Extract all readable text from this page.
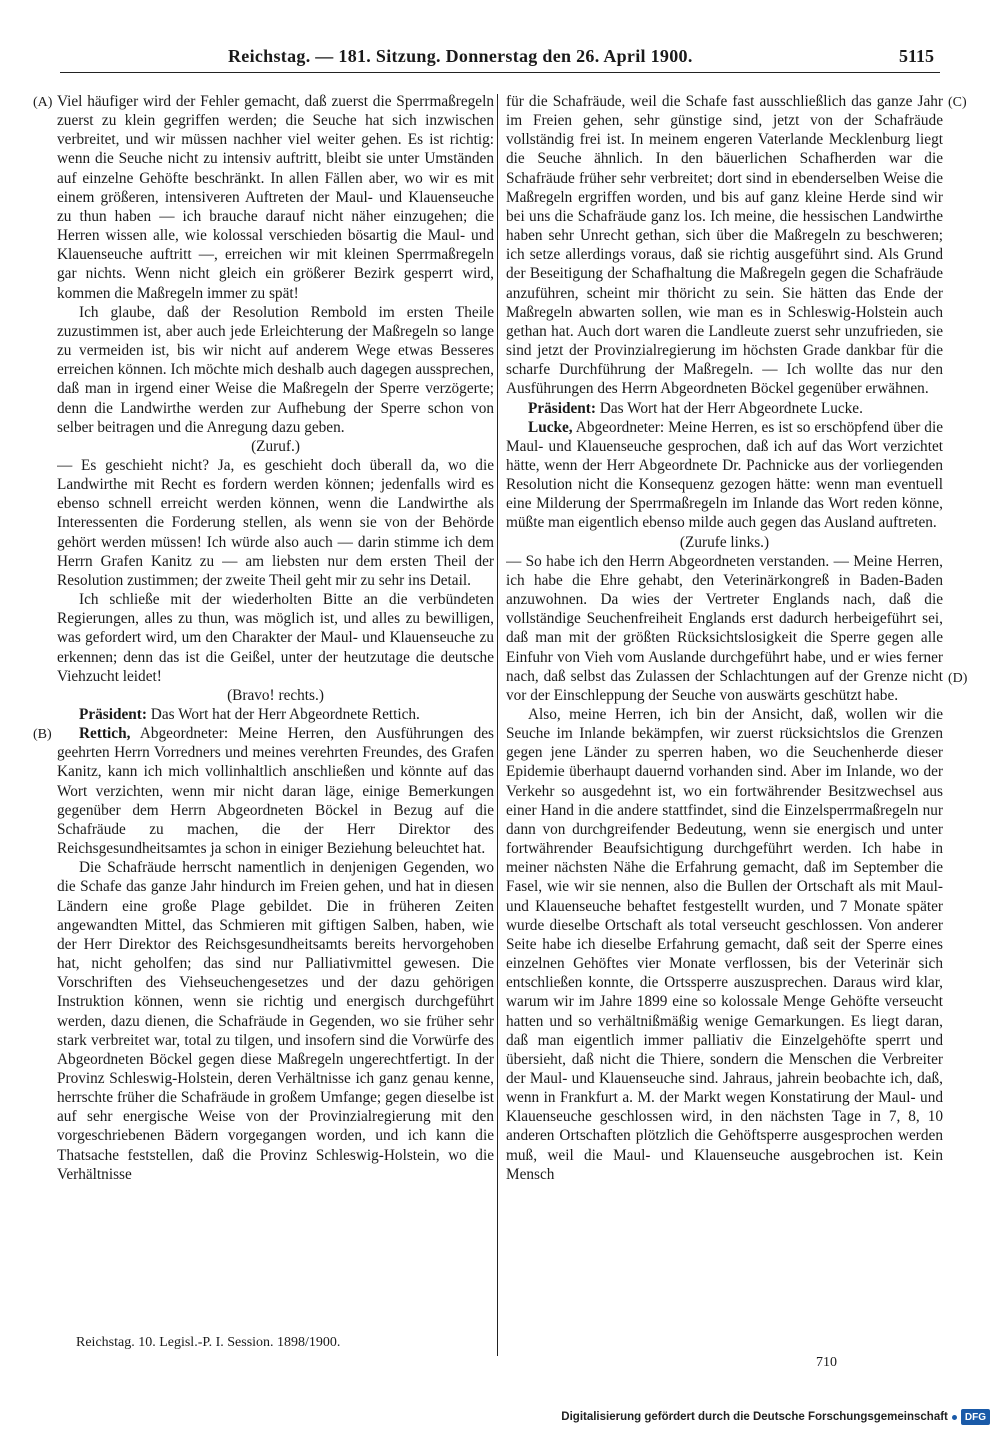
Reichstag. — 181. Sitzung. Donnerstag den 26. April 1900.	5115
(A)
(B)
(C)
(D)

Viel häufiger wird der Fehler gemacht, daß zuerst die Sperrmaßregeln zuerst zu klein gegriffen werden; die Seuche hat sich inzwischen verbreitet, und wir müssen nachher viel weiter gehen. Es ist richtig: wenn die Seuche nicht zu intensiv auftritt, bleibt sie unter Umständen auf einzelne Gehöfte beschränkt. In allen Fällen aber, wo wir es mit einem größeren, intensiveren Auftreten der Maul- und Klauenseuche zu thun haben — ich brauche darauf nicht näher einzugehen; die Herren wissen alle, wie kolossal verschieden bösartig die Maul- und Klauenseuche auftritt —, erreichen wir mit kleinen Sperrmaßregeln gar nichts. Wenn nicht gleich ein größerer Bezirk gesperrt wird, kommen die Maßregeln immer zu spät!

Ich glaube, daß der Resolution Rembold im ersten Theile zuzustimmen ist, aber auch jede Erleichterung der Maßregeln so lange zu vermeiden ist, bis wir nicht auf anderem Wege etwas Besseres erreichen können. Ich möchte mich deshalb auch dagegen aussprechen, daß man in irgend einer Weise die Maßregeln der Sperre verzögerte; denn die Landwirthe werden zur Aufhebung der Sperre schon von selber beitragen und die Anregung dazu geben.

(Zuruf.)

— Es geschieht nicht? Ja, es geschieht doch überall da, wo die Landwirthe mit Recht es fordern werden können; jedenfalls wird es ebenso schnell erreicht werden können, wenn die Landwirthe als Interessenten die Forderung stellen, als wenn sie von der Behörde gehört werden müssen! Ich würde also auch — darin stimme ich dem Herrn Grafen Kanitz zu — am liebsten nur dem ersten Theil der Resolution zustimmen; der zweite Theil geht mir zu sehr ins Detail.

Ich schließe mit der wiederholten Bitte an die verbündeten Regierungen, alles zu thun, was möglich ist, und alles zu bewilligen, was gefordert wird, um den Charakter der Maul- und Klauenseuche zu erkennen; denn das ist die Geißel, unter der heutzutage die deutsche Viehzucht leidet!

(Bravo! rechts.)

Präsident: Das Wort hat der Herr Abgeordnete Rettich.

Rettich, Abgeordneter: Meine Herren, den Ausführungen des geehrten Herrn Vorredners und meines verehrten Freundes, des Grafen Kanitz, kann ich mich vollinhaltlich anschließen und könnte auf das Wort verzichten, wenn mir nicht daran läge, einige Bemerkungen gegenüber dem Herrn Abgeordneten Böckel in Bezug auf die Schafräude zu machen, die der Herr Direktor des Reichsgesundheitsamtes ja schon in einiger Beziehung beleuchtet hat.

Die Schafräude herrscht namentlich in denjenigen Gegenden, wo die Schafe das ganze Jahr hindurch im Freien gehen, und hat in diesen Ländern eine große Plage gebildet. Die in früheren Zeiten angewandten Mittel, das Schmieren mit giftigen Salben, haben, wie der Herr Direktor des Reichsgesundheitsamts bereits hervorgehoben hat, nicht geholfen; das sind nur Palliativmittel gewesen. Die Vorschriften des Viehseuchengesetzes und der dazu gehörigen Instruktion können, wenn sie richtig und energisch durchgeführt werden, dazu dienen, die Schafräude in Gegenden, wo sie früher sehr stark verbreitet war, total zu tilgen, und insofern sind die Vorwürfe des Abgeordneten Böckel gegen diese Maßregeln ungerechtfertigt. In der Provinz Schleswig-Holstein, deren Verhältnisse ich ganz genau kenne, herrschte früher die Schafräude in großem Umfange; gegen dieselbe ist auf sehr energische Weise von der Provinzialregierung mit den vorgeschriebenen Bädern vorgegangen worden, und ich kann die Thatsache feststellen, daß die Provinz Schleswig-Holstein, wo die Verhältnisse

für die Schafräude, weil die Schafe fast ausschließlich das ganze Jahr im Freien gehen, sehr günstige sind, jetzt von der Schafräude vollständig frei ist. In meinem engeren Vaterlande Mecklenburg liegt die Seuche ähnlich. In den bäuerlichen Schafherden war die Schafräude früher sehr verbreitet; dort sind in ebenderselben Weise die Maßregeln ergriffen worden, und bis auf ganz kleine Herde sind wir bei uns die Schafräude ganz los. Ich meine, die hessischen Landwirthe haben sehr Unrecht gethan, sich über die Maßregeln zu beschweren; ich setze allerdings voraus, daß sie richtig ausgeführt sind. Als Grund der Beseitigung der Schafhaltung die Maßregeln gegen die Schafräude anzuführen, scheint mir thöricht zu sein. Sie hätten das Ende der Maßregeln abwarten sollen, wie man es in Schleswig-Holstein auch gethan hat. Auch dort waren die Landleute zuerst sehr unzufrieden, sie sind jetzt der Provinzialregierung im höchsten Grade dankbar für die scharfe Durchführung der Maßregeln. — Ich wollte das nur den Ausführungen des Herrn Abgeordneten Böckel gegenüber erwähnen.

Präsident: Das Wort hat der Herr Abgeordnete Lucke.

Lucke, Abgeordneter: Meine Herren, es ist so erschöpfend über die Maul- und Klauenseuche gesprochen, daß ich auf das Wort verzichtet hätte, wenn der Herr Abgeordnete Dr. Pachnicke aus der vorliegenden Resolution nicht die Konsequenz gezogen hätte: wenn man eventuell eine Milderung der Sperrmaßregeln im Inlande das Wort reden könne, müßte man eigentlich ebenso milde auch gegen das Ausland auftreten.

(Zurufe links.)

— So habe ich den Herrn Abgeordneten verstanden. — Meine Herren, ich habe die Ehre gehabt, den Veterinärkongreß in Baden-Baden anzuwohnen. Da wies der Vertreter Englands nach, daß die vollständige Seuchenfreiheit Englands erst dadurch herbeigeführt sei, daß man mit der größten Rücksichtslosigkeit die Sperre gegen alle Einfuhr von Vieh vom Auslande durchgeführt habe, und er wies ferner nach, daß selbst das Zulassen der Schlachtungen auf der Grenze nicht vor der Einschleppung der Seuche von auswärts geschützt habe.

Also, meine Herren, ich bin der Ansicht, daß, wollen wir die Seuche im Inlande bekämpfen, wir zuerst rücksichtslos die Grenzen gegen jene Länder zu sperren haben, wo die Seuchenherde dieser Epidemie überhaupt dauernd vorhanden sind. Aber im Inlande, wo der Verkehr so ausgedehnt ist, wo ein fortwährender Besitzwechsel aus einer Hand in die andere stattfindet, sind die Einzelsperrmaßregeln nur dann von durchgreifender Bedeutung, wenn sie energisch und unter fortwährender Beaufsichtigung durchgeführt werden. Ich habe in meiner nächsten Nähe die Erfahrung gemacht, daß im September die Fasel, wie wir sie nennen, also die Bullen der Ortschaft als mit Maul- und Klauenseuche behaftet festgestellt wurden, und 7 Monate später wurde dieselbe Ortschaft als total verseucht geschlossen. Von anderer Seite habe ich dieselbe Erfahrung gemacht, daß seit der Sperre eines einzelnen Gehöftes vier Monate verflossen, bis der Veterinär sich entschließen konnte, die Ortssperre auszusprechen. Daraus wird klar, warum wir im Jahre 1899 eine so kolossale Menge Gehöfte verseucht hatten und so verhältnißmäßig wenige Gemarkungen. Es liegt daran, daß man eigentlich immer palliativ die Einzelgehöfte sperrt und übersieht, daß nicht die Thiere, sondern die Menschen die Verbreiter der Maul- und Klauenseuche sind. Jahraus, jahrein beobachte ich, daß, wenn in Frankfurt a. M. der Markt wegen Konstatirung der Maul- und Klauenseuche geschlossen wird, in den nächsten Tage in 7, 8, 10 anderen Ortschaften plötzlich die Gehöftsperre ausgesprochen werden muß, weil die Maul- und Klauenseuche ausgebrochen ist. Kein Mensch

Reichstag. 10. Legisl.-P. I. Session. 1898/1900.
710
Digitalisierung gefördert durch die Deutsche Forschungsgemeinschaft	DFG
